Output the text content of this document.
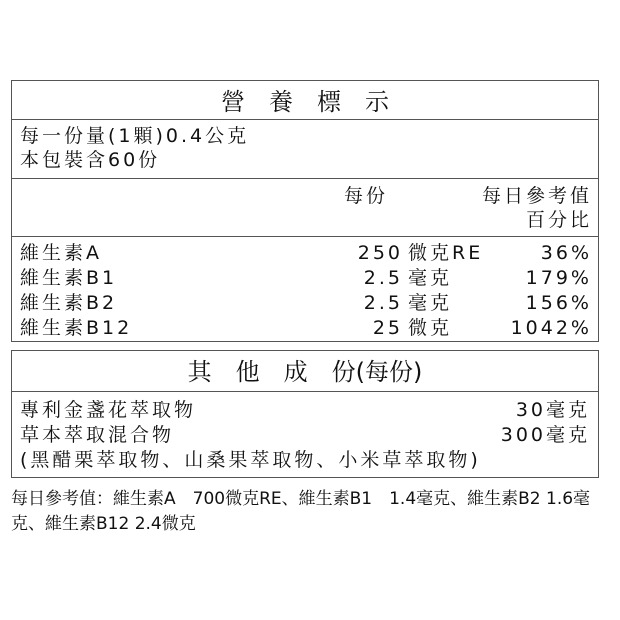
營　養　標　示
每一份量(1顆)0.4公克
本包裝含60份
每份	每日參考值
百分比
維生素A	250 微克RE	36%
維生素B1	2.5 毫克	179%
維生素B2	2.5 毫克	156%
維生素B12	25 微克	1042%
其　他　成　份(每份)
專利金盞花萃取物	30毫克
草本萃取混合物	300毫克
(黑醋栗萃取物、山桑果萃取物、小米草萃取物)
每日參考值：維生素A　700微克RE、維生素B1　1.4毫克、維生素B2 1.6毫克、維生素B12 2.4微克
